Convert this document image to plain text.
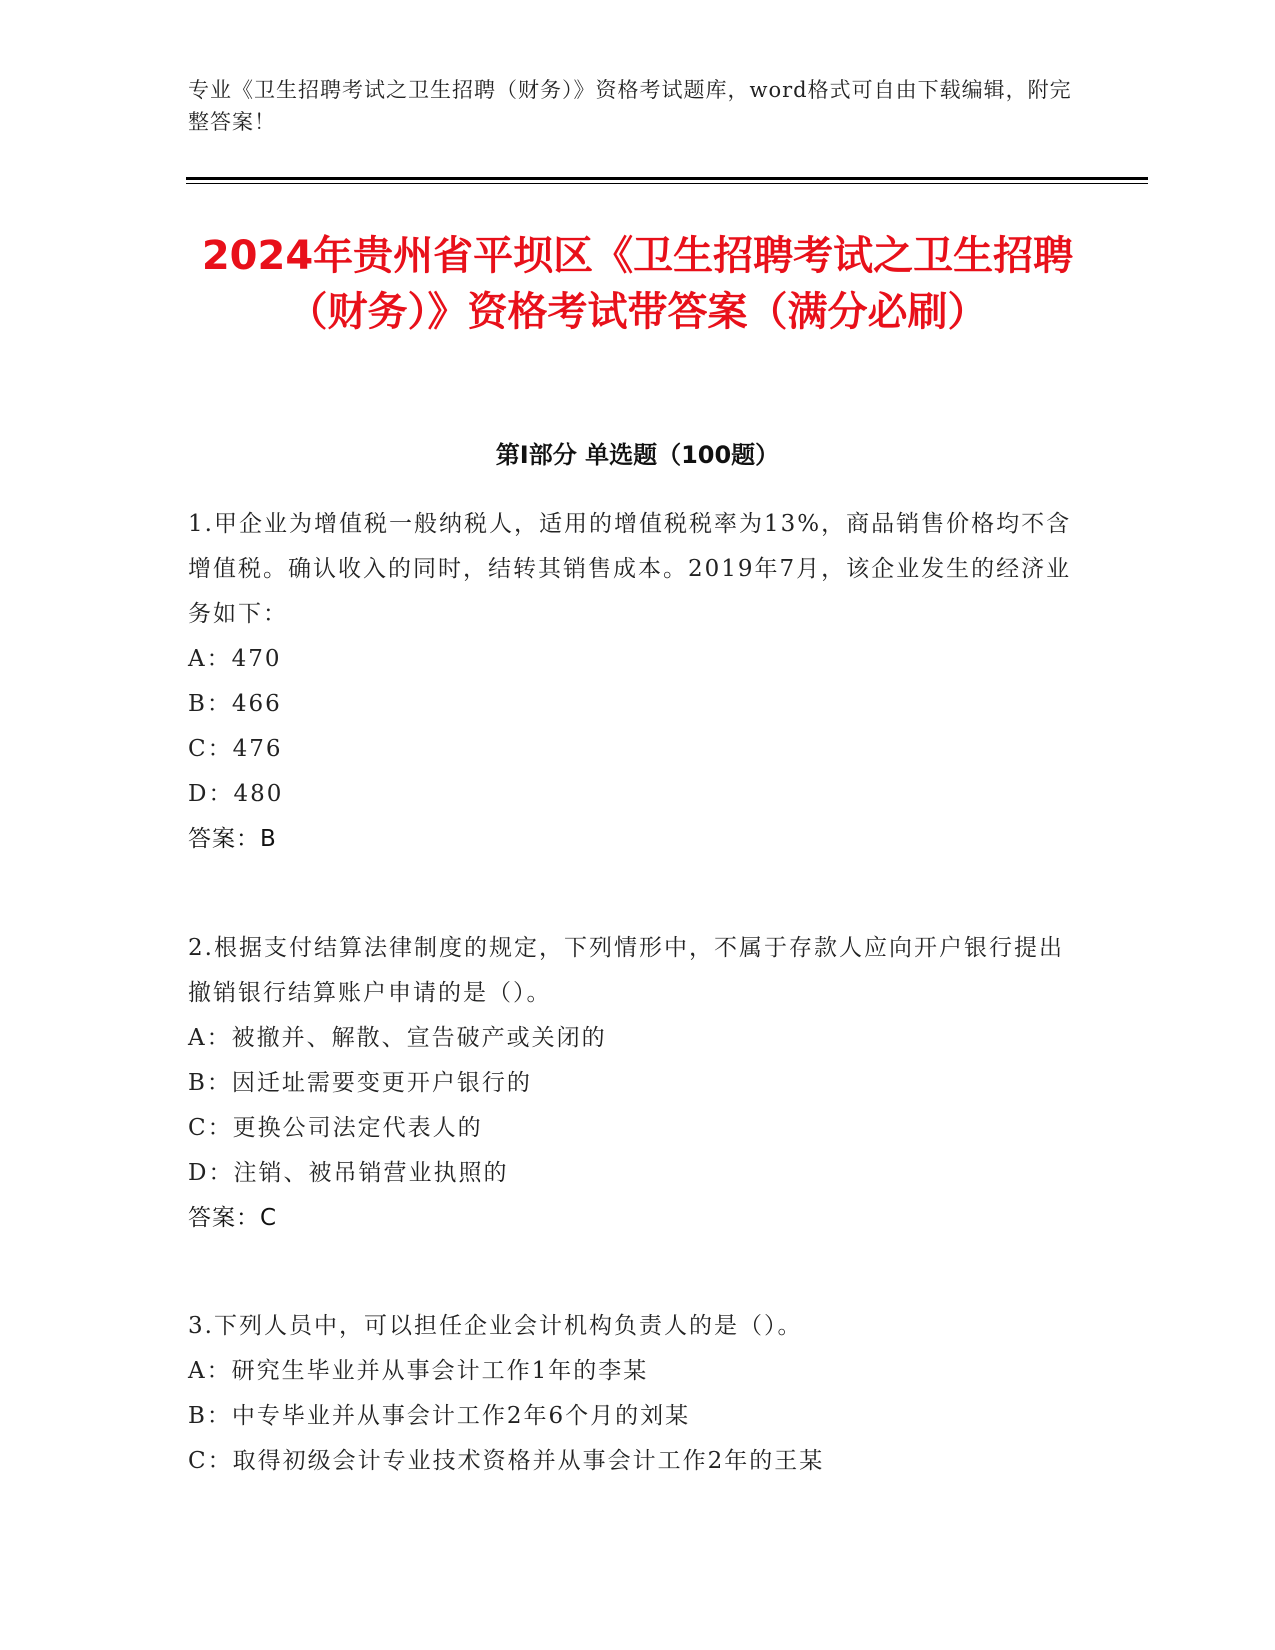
专业《卫生招聘考试之卫生招聘（财务）》资格考试题库，word格式可自由下载编辑，附完整答案！
2024年贵州省平坝区《卫生招聘考试之卫生招聘（财务）》资格考试带答案（满分必刷）
第I部分 单选题（100题）
1.甲企业为增值税一般纳税人，适用的增值税税率为13%，商品销售价格均不含增值税。确认收入的同时，结转其销售成本。2019年7月，该企业发生的经济业务如下：
A：470
B：466
C：476
D：480
答案：B
2.根据支付结算法律制度的规定，下列情形中，不属于存款人应向开户银行提出撤销银行结算账户申请的是（）。
A：被撤并、解散、宣告破产或关闭的
B：因迁址需要变更开户银行的
C：更换公司法定代表人的
D：注销、被吊销营业执照的
答案：C
3.下列人员中，可以担任企业会计机构负责人的是（）。
A：研究生毕业并从事会计工作1年的李某
B：中专毕业并从事会计工作2年6个月的刘某
C：取得初级会计专业技术资格并从事会计工作2年的王某
